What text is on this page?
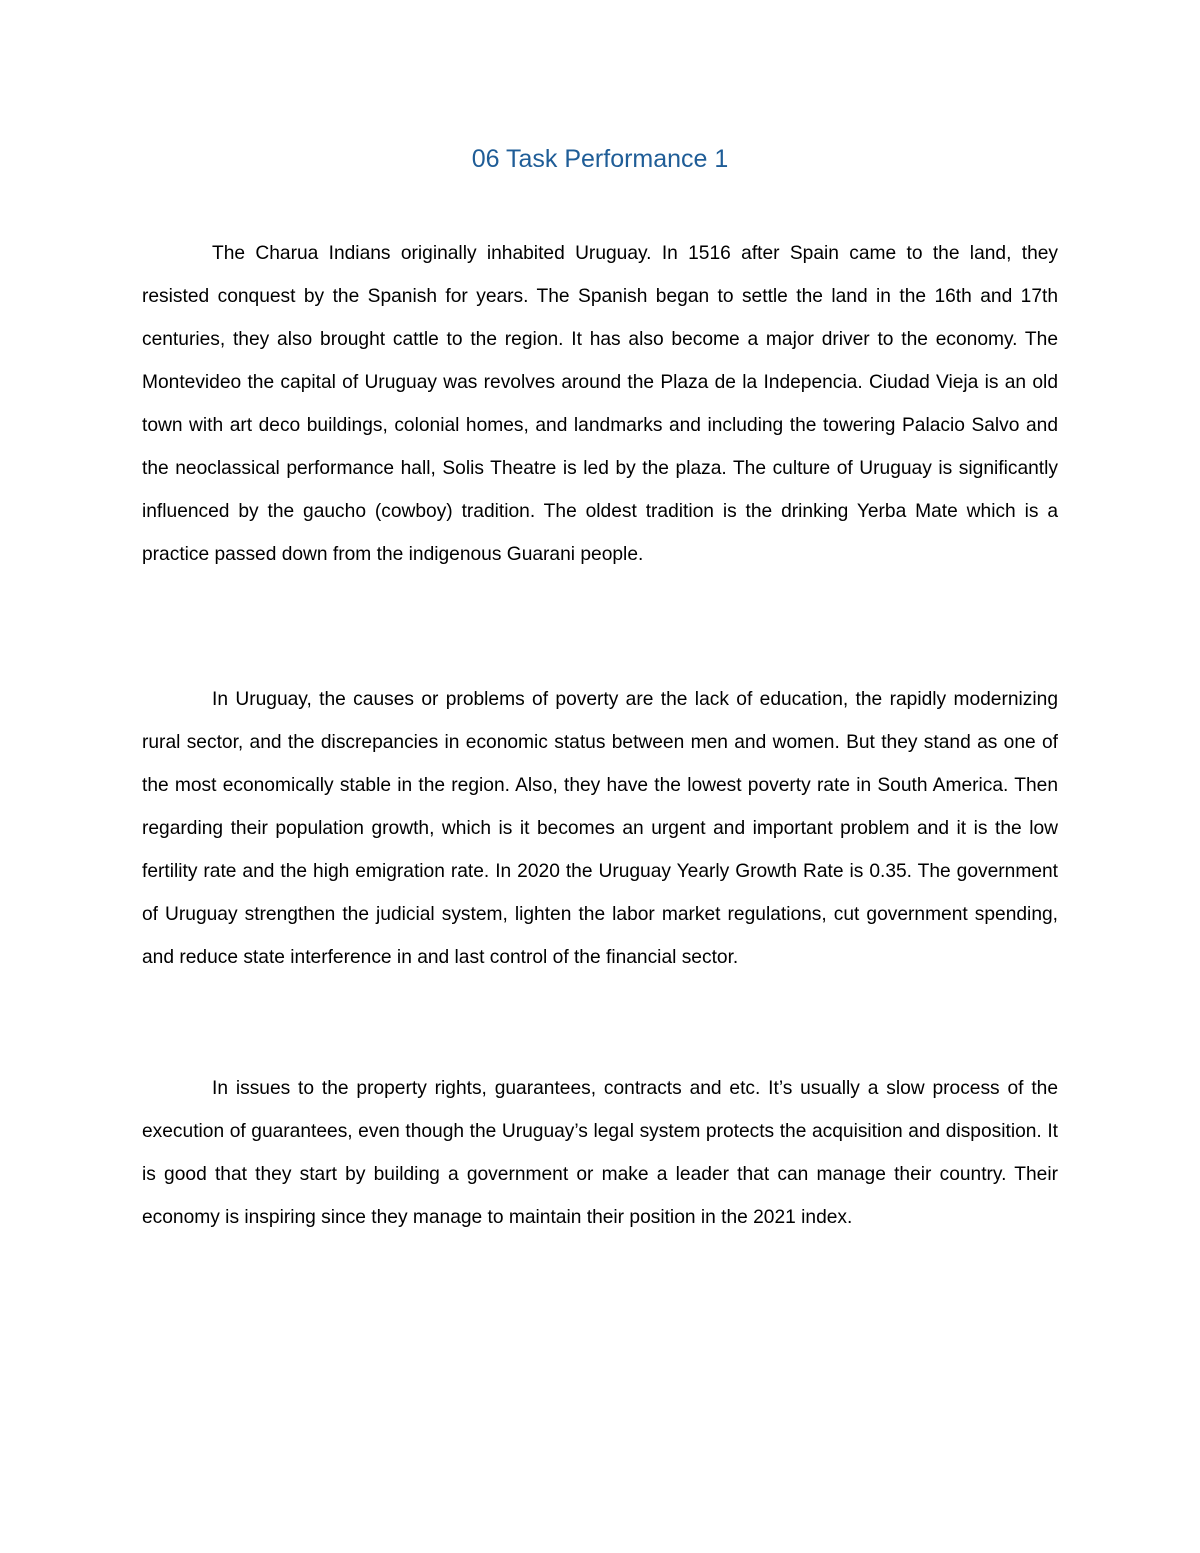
06 Task Performance 1

The Charua Indians originally inhabited Uruguay. In 1516 after Spain came to the land, they resisted conquest by the Spanish for years. The Spanish began to settle the land in the 16th and 17th centuries, they also brought cattle to the region. It has also become a major driver to the economy. The Montevideo the capital of Uruguay was revolves around the Plaza de la Indepencia. Ciudad Vieja is an old town with art deco buildings, colonial homes, and landmarks and including the towering Palacio Salvo and the neoclassical performance hall, Solis Theatre is led by the plaza. The culture of Uruguay is significantly influenced by the gaucho (cowboy) tradition. The oldest tradition is the drinking Yerba Mate which is a practice passed down from the indigenous Guarani people.

In Uruguay, the causes or problems of poverty are the lack of education, the rapidly modernizing rural sector, and the discrepancies in economic status between men and women. But they stand as one of the most economically stable in the region. Also, they have the lowest poverty rate in South America. Then regarding their population growth, which is it becomes an urgent and important problem and it is the low fertility rate and the high emigration rate. In 2020 the Uruguay Yearly Growth Rate is 0.35. The government of Uruguay strengthen the judicial system, lighten the labor market regulations, cut government spending, and reduce state interference in and last control of the financial sector.

In issues to the property rights, guarantees, contracts and etc. It’s usually a slow process of the execution of guarantees, even though the Uruguay’s legal system protects the acquisition and disposition. It is good that they start by building a government or make a leader that can manage their country. Their economy is inspiring since they manage to maintain their position in the 2021 index.
